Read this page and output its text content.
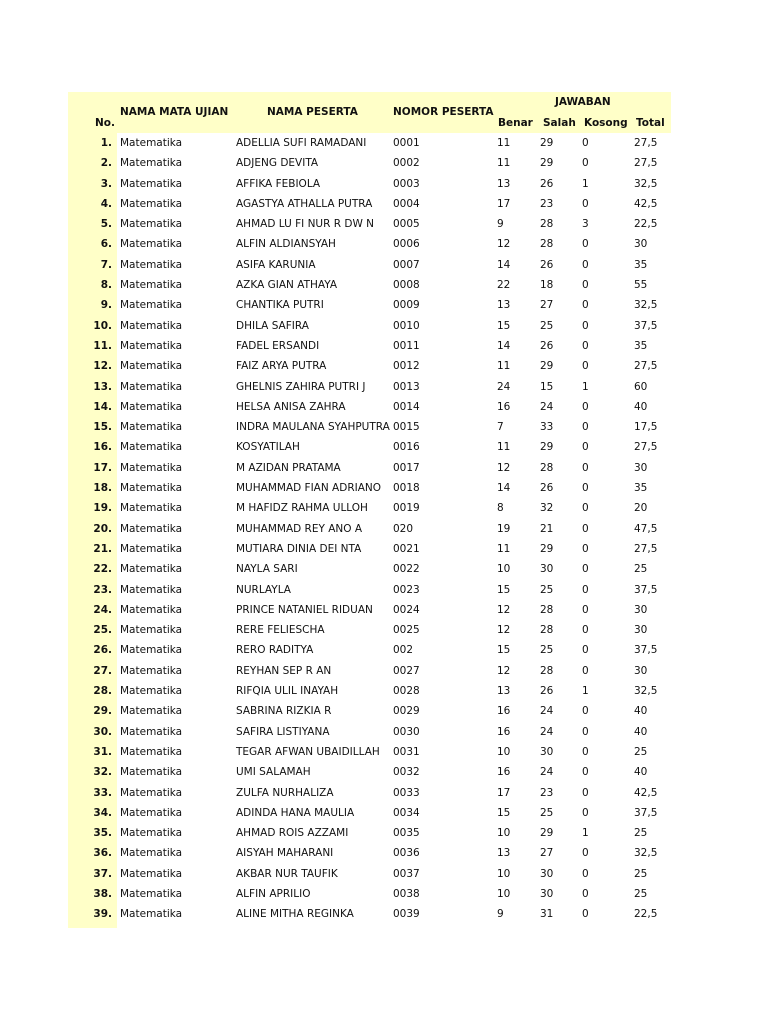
NAMA MATA UJIAN	NAMA PESERTA	NOMOR PESERTA
JAWABAN
No.	Benar Salah Kosong Total
1. Matematika	ADELLIA SUFI RAMADANI	0001	11	29	0	27,5
2. Matematika	ADJENG DEVITA	0002	11	29	0	27,5
3. Matematika	AFFIKA FEBIOLA	0003	13	26	1	32,5
4. Matematika	AGASTYA ATHALLA PUTRA 0004	17	23	0	42,5
5. Matematika	AHMAD LU FI NUR R DW N 0005	9	28	3	22,5
6. Matematika	ALFIN ALDIANSYAH	0006	12	28	0	30
7. Matematika	ASIFA KARUNIA	0007	14	26	0	35
8. Matematika	AZKA GIAN ATHAYA	0008	22	18	0	55
9. Matematika	CHANTIKA PUTRI	0009	13	27	0	32,5
10. Matematika	DHILA SAFIRA	0010	15	25	0	37,5
11. Matematika	FADEL ERSANDI	0011	14	26	0	35
12. Matematika	FAIZ ARYA PUTRA	0012	11	29	0	27,5
13. Matematika	GHELNIS ZAHIRA PUTRI J	0013	24	15	1	60
14. Matematika	HELSA ANISA ZAHRA	0014	16	24	0	40
15. Matematika	INDRA MAULANA SYAHPUTRA 0015	7	33	0	17,5
16. Matematika	KOSYATILAH	0016	11	29	0	27,5
17. Matematika	M AZIDAN PRATAMA	0017	12	28	0	30
18. Matematika	MUHAMMAD FIAN ADRIANO 0018	14	26	0	35
19. Matematika	M HAFIDZ RAHMA ULLOH 0019	8	32	0	20
20. Matematika	MUHAMMAD REY ANO A	020	19	21	0	47,5
21. Matematika	MUTIARA DINIA DEI NTA	0021	11	29	0	27,5
22. Matematika	NAYLA SARI	0022	10	30	0	25
23. Matematika	NURLAYLA	0023	15	25	0	37,5
24. Matematika	PRINCE NATANIEL RIDUAN 0024	12	28	0	30
25. Matematika	RERE FELIESCHA	0025	12	28	0	30
26. Matematika	RERO RADITYA	002	15	25	0	37,5
27. Matematika	REYHAN SEP R AN	0027	12	28	0	30
28. Matematika	RIFQIA ULIL INAYAH	0028	13	26	1	32,5
29. Matematika	SABRINA RIZKIA R	0029	16	24	0	40
30. Matematika	SAFIRA LISTIYANA	0030	16	24	0	40
31. Matematika	TEGAR AFWAN UBAIDILLAH 0031	10	30	0	25
32. Matematika	UMI SALAMAH	0032	16	24	0	40
33. Matematika	ZULFA NURHALIZA	0033	17	23	0	42,5
34. Matematika	ADINDA HANA MAULIA	0034	15	25	0	37,5
35. Matematika	AHMAD ROIS AZZAMI	0035	10	29	1	25
36. Matematika	AISYAH MAHARANI	0036	13	27	0	32,5
37. Matematika	AKBAR NUR TAUFIK	0037	10	30	0	25
38. Matematika	ALFIN APRILIO	0038	10	30	0	25
39. Matematika	ALINE MITHA REGINKA	0039	9	31	0	22,5
